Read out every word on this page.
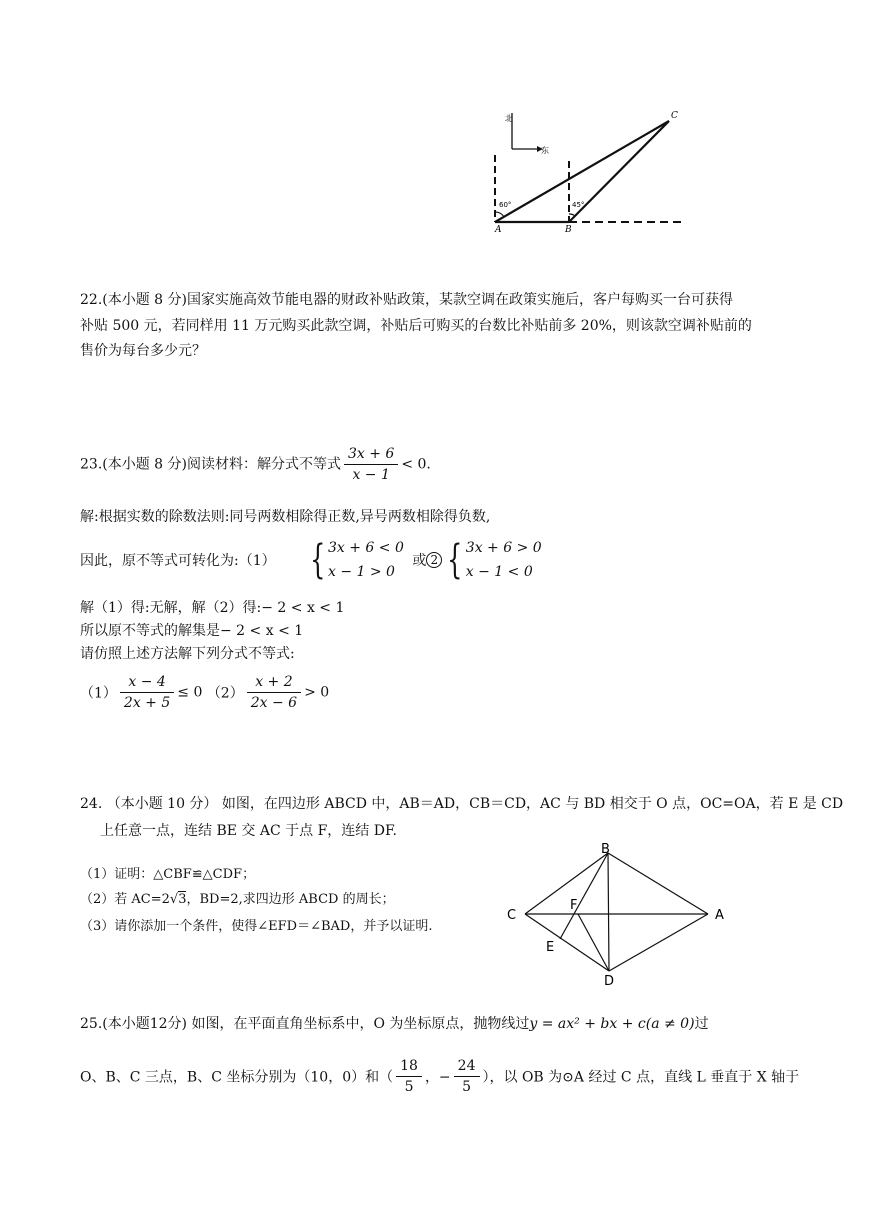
北
东
60°	45°
A	B
C
22.(本小题 8 分)国家实施高效节能电器的财政补贴政策，某款空调在政策实施后，客户每购买一台可获得
补贴 500 元，若同样用 11 万元购买此款空调，补贴后可购买的台数比补贴前多 20%，则该款空调补贴前的
售价为每台多少元？
23.(本小题 8 分)阅读材料：解分式不等式 $\frac{3x + 6}{x - 1} < 0$.
解:根据实数的除数法则:同号两数相除得正数,异号两数相除得负数,
因此，原不等式可转化为:（1） { 3x + 6 < 0
x − 1 > 0 或 2 { 3x + 6 > 0
x − 1 < 0
解（1）得:无解，解（2）得:− 2 < x < 1
所以原不等式的解集是− 2 < x < 1
请仿照上述方法解下列分式不等式:
$(1) \frac{x - 4}{2x + 5} \le 0$ $(2) \frac{x + 2}{2x - 6} > 0$
24. （本小题 10 分） 如图，在四边形 ABCD 中，AB＝AD，CB＝CD，AC 与 BD 相交于 O 点，OC=OA，若 E 是 CD
上任意一点，连结 BE 交 AC 于点 F，连结 DF.
（1）证明：△CBF≌△CDF；
（2）若 AC=2√3，BD=2,求四边形 ABCD 的周长；
（3）请你添加一个条件，使得∠EFD＝∠BAD，并予以证明.
B
C	A
D
E
F
25.(本小题12分) 如图，在平面直角坐标系中，O 为坐标原点，抛物线过y = ax² + bx + c(a ≠ 0)过
O、B、C 三点，B、C 坐标分别为（10，0）和（ $\frac{18}{5}$ ，− $\frac{24}{5}$ ），以 OB 为⊙A 经过 C 点，直线 L 垂直于 X 轴于
